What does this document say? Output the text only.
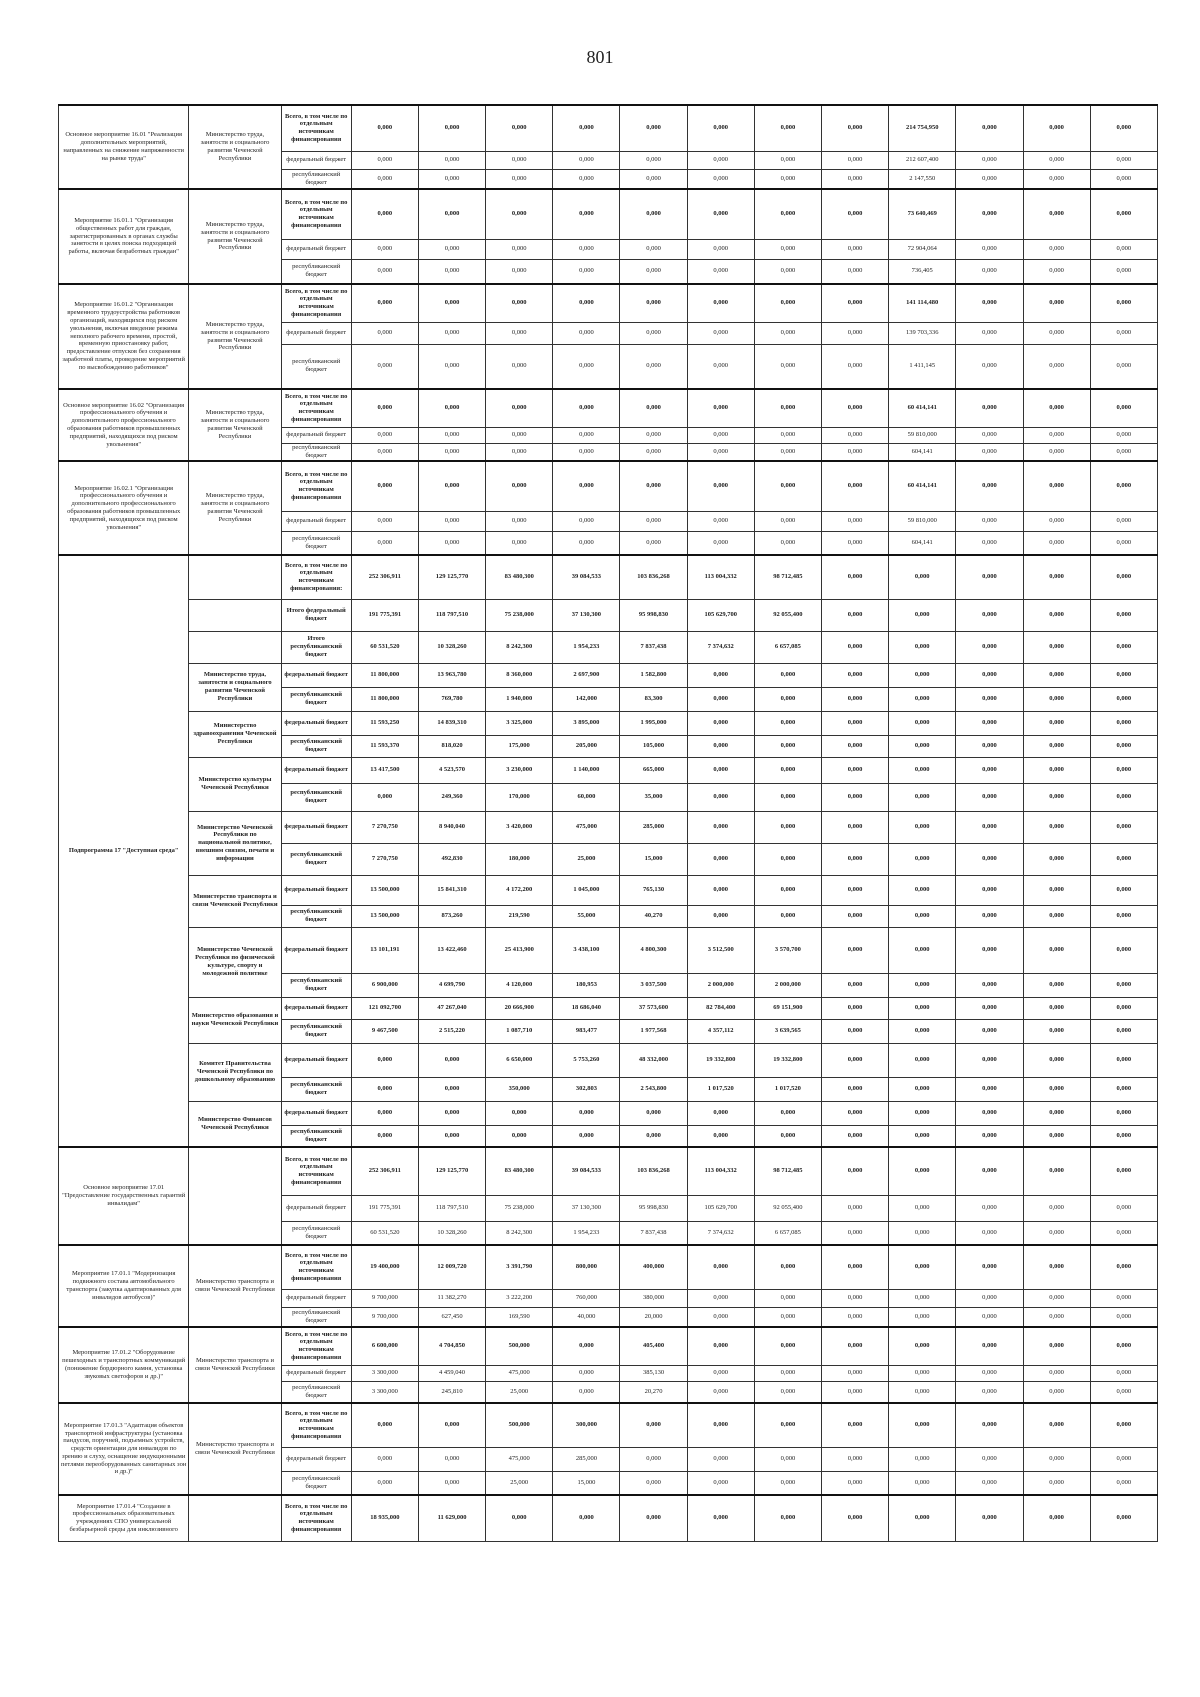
801
Основное мероприятие 16.01 "Реализация дополнительных мероприятий, направленных на снижение напряженности на рынке труда"	Министерство труда, занятости и социального развития Чеченской Республики	Всего, в том числе по отдельным источникам финансирования	0,000	0,000	0,000	0,000	0,000	0,000	0,000	0,000	214 754,950	0,000	0,000	0,000
		федеральный бюджет	0,000	0,000	0,000	0,000	0,000	0,000	0,000	0,000	212 607,400	0,000	0,000	0,000
		республиканский бюджет	0,000	0,000	0,000	0,000	0,000	0,000	0,000	0,000	2 147,550	0,000	0,000	0,000
Мероприятие 16.01.1 "Организация общественных работ для граждан, зарегистрированных в органах службы занятости в целях поиска подходящей работы, включая безработных граждан"	Министерство труда, занятости и социального развития Чеченской Республики	Всего, в том числе по отдельным источникам финансирования	0,000	0,000	0,000	0,000	0,000	0,000	0,000	0,000	73 640,469	0,000	0,000	0,000
		федеральный бюджет	0,000	0,000	0,000	0,000	0,000	0,000	0,000	0,000	72 904,064	0,000	0,000	0,000
		республиканский бюджет	0,000	0,000	0,000	0,000	0,000	0,000	0,000	0,000	736,405	0,000	0,000	0,000
Мероприятие 16.01.2 "Организация временного трудоустройства работников организаций, находящихся под риском увольнения, включая введение режима неполного рабочего времени, простой, временную приостановку работ, предоставление отпусков без сохранения заработной платы, проведение мероприятий по высвобождению работников"	Министерство труда, занятости и социального развития Чеченской Республики	Всего, в том числе по отдельным источникам финансирования	0,000	0,000	0,000	0,000	0,000	0,000	0,000	0,000	141 114,480	0,000	0,000	0,000
		федеральный бюджет	0,000	0,000	0,000	0,000	0,000	0,000	0,000	0,000	139 703,336	0,000	0,000	0,000
		республиканский бюджет	0,000	0,000	0,000	0,000	0,000	0,000	0,000	0,000	1 411,145	0,000	0,000	0,000
Основное мероприятие 16.02 "Организация профессионального обучения и дополнительного профессионального образования работников промышленных предприятий, находящихся под риском увольнения"	Министерство труда, занятости и социального развития Чеченской Республики	Всего, в том числе по отдельным источникам финансирования	0,000	0,000	0,000	0,000	0,000	0,000	0,000	0,000	60 414,141	0,000	0,000	0,000
		федеральный бюджет	0,000	0,000	0,000	0,000	0,000	0,000	0,000	0,000	59 810,000	0,000	0,000	0,000
		республиканский бюджет	0,000	0,000	0,000	0,000	0,000	0,000	0,000	0,000	604,141	0,000	0,000	0,000
Мероприятие 16.02.1 "Организация профессионального обучения и дополнительного профессионального образования работников промышленных предприятий, находящихся под риском увольнения"	Министерство труда, занятости и социального развития Чеченской Республики	Всего, в том числе по отдельным источникам финансирования	0,000	0,000	0,000	0,000	0,000	0,000	0,000	0,000	60 414,141	0,000	0,000	0,000
		федеральный бюджет	0,000	0,000	0,000	0,000	0,000	0,000	0,000	0,000	59 810,000	0,000	0,000	0,000
		республиканский бюджет	0,000	0,000	0,000	0,000	0,000	0,000	0,000	0,000	604,141	0,000	0,000	0,000
Подпрограмма 17 "Доступная среда"		Всего, в том числе по отдельным источникам финансирования:	252 306,911	129 125,770	83 480,300	39 084,533	103 836,268	113 004,332	98 712,485	0,000	0,000	0,000	0,000	0,000
		Итого федеральный бюджет	191 775,391	118 797,510	75 238,000	37 130,300	95 998,830	105 629,700	92 055,400	0,000	0,000	0,000	0,000	0,000
		Итого республиканский бюджет	60 531,520	10 328,260	8 242,300	1 954,233	7 837,438	7 374,632	6 657,085	0,000	0,000	0,000	0,000	0,000
	Министерство труда, занятости и социального развития Чеченской Республики	федеральный бюджет	11 800,000	13 963,780	8 360,000	2 697,900	1 582,800	0,000	0,000	0,000	0,000	0,000	0,000	0,000
		республиканский бюджет	11 800,000	769,780	1 940,000	142,000	83,300	0,000	0,000	0,000	0,000	0,000	0,000	0,000
	Министерство здравоохранения Чеченской Республики	федеральный бюджет	11 593,250	14 839,310	3 325,000	3 895,000	1 995,000	0,000	0,000	0,000	0,000	0,000	0,000	0,000
		республиканский бюджет	11 593,370	818,020	175,000	205,000	105,000	0,000	0,000	0,000	0,000	0,000	0,000	0,000
	Министерство культуры Чеченской Республики	федеральный бюджет	13 417,500	4 523,570	3 230,000	1 140,000	665,000	0,000	0,000	0,000	0,000	0,000	0,000	0,000
		республиканский бюджет	0,000	249,360	170,000	60,000	35,000	0,000	0,000	0,000	0,000	0,000	0,000	0,000
	Министерство Чеченской Республики по национальной политике, внешним связям, печати и информации	федеральный бюджет	7 270,750	8 940,040	3 420,000	475,000	285,000	0,000	0,000	0,000	0,000	0,000	0,000	0,000
		республиканский бюджет	7 270,750	492,830	180,000	25,000	15,000	0,000	0,000	0,000	0,000	0,000	0,000	0,000
	Министерство транспорта и связи Чеченской Республики	федеральный бюджет	13 500,000	15 841,310	4 172,200	1 045,000	765,130	0,000	0,000	0,000	0,000	0,000	0,000	0,000
		республиканский бюджет	13 500,000	873,260	219,590	55,000	40,270	0,000	0,000	0,000	0,000	0,000	0,000	0,000
	Министерство Чеченской Республики по физической культуре, спорту и молодежной политике	федеральный бюджет	13 101,191	13 422,460	25 413,900	3 438,100	4 800,300	3 512,500	3 570,700	0,000	0,000	0,000	0,000	0,000
		республиканский бюджет	6 900,000	4 699,790	4 120,000	180,953	3 037,500	2 000,000	2 000,000	0,000	0,000	0,000	0,000	0,000
	Министерство образования и науки Чеченской Республики	федеральный бюджет	121 092,700	47 267,040	20 666,900	18 686,040	37 573,600	82 784,400	69 151,900	0,000	0,000	0,000	0,000	0,000
		республиканский бюджет	9 467,500	2 515,220	1 087,710	983,477	1 977,568	4 357,112	3 639,565	0,000	0,000	0,000	0,000	0,000
	Комитет Правительства Чеченской Республики по дошкольному образованию	федеральный бюджет	0,000	0,000	6 650,000	5 753,260	48 332,000	19 332,800	19 332,800	0,000	0,000	0,000	0,000	0,000
		республиканский бюджет	0,000	0,000	350,000	302,803	2 543,800	1 017,520	1 017,520	0,000	0,000	0,000	0,000	0,000
	Министерство Финансов Чеченской Республики	федеральный бюджет	0,000	0,000	0,000	0,000	0,000	0,000	0,000	0,000	0,000	0,000	0,000	0,000
		республиканский бюджет	0,000	0,000	0,000	0,000	0,000	0,000	0,000	0,000	0,000	0,000	0,000	0,000
Основное мероприятие 17.01 "Предоставление государственных гарантий инвалидам"		Всего, в том числе по отдельным источникам финансирования	252 306,911	129 125,770	83 480,300	39 084,533	103 836,268	113 004,332	98 712,485	0,000	0,000	0,000	0,000	0,000
		федеральный бюджет	191 775,391	118 797,510	75 238,000	37 130,300	95 998,830	105 629,700	92 055,400	0,000	0,000	0,000	0,000	0,000
		республиканский бюджет	60 531,520	10 328,260	8 242,300	1 954,233	7 837,438	7 374,632	6 657,085	0,000	0,000	0,000	0,000	0,000
Мероприятие 17.01.1 "Модернизация подвижного состава автомобильного транспорта (закупка адаптированных для инвалидов автобусов)"	Министерство транспорта и связи Чеченской Республики	Всего, в том числе по отдельным источникам финансирования	19 400,000	12 009,720	3 391,790	800,000	400,000	0,000	0,000	0,000	0,000	0,000	0,000	0,000
		федеральный бюджет	9 700,000	11 382,270	3 222,200	760,000	380,000	0,000	0,000	0,000	0,000	0,000	0,000	0,000
		республиканский бюджет	9 700,000	627,450	169,590	40,000	20,000	0,000	0,000	0,000	0,000	0,000	0,000	0,000
Мероприятие 17.01.2 "Оборудование пешеходных и транспортных коммуникаций (понижение бордюрного камня, установка звуковых светофоров и др.)"	Министерство транспорта и связи Чеченской Республики	Всего, в том числе по отдельным источникам финансирования	6 600,000	4 704,850	500,000	0,000	405,400	0,000	0,000	0,000	0,000	0,000	0,000	0,000
		федеральный бюджет	3 300,000	4 459,040	475,000	0,000	385,130	0,000	0,000	0,000	0,000	0,000	0,000	0,000
		республиканский бюджет	3 300,000	245,810	25,000	0,000	20,270	0,000	0,000	0,000	0,000	0,000	0,000	0,000
Мероприятие 17.01.3 "Адаптация объектов транспортной инфраструктуры (установка пандусов, поручней, подъемных устройств, средств ориентации для инвалидов по зрению и слуху, оснащение индукционными петлями переоборудованных санитарных зон и др.)"	Министерство транспорта и связи Чеченской Республики	Всего, в том числе по отдельным источникам финансирования	0,000	0,000	500,000	300,000	0,000	0,000	0,000	0,000	0,000	0,000	0,000	0,000
		федеральный бюджет	0,000	0,000	475,000	285,000	0,000	0,000	0,000	0,000	0,000	0,000	0,000	0,000
		республиканский бюджет	0,000	0,000	25,000	15,000	0,000	0,000	0,000	0,000	0,000	0,000	0,000	0,000
Мероприятие 17.01.4 "Создание в профессиональных образовательных учреждениях СПО универсальной безбарьерной среды для инклюзивного		Всего, в том числе по отдельным источникам финансирования	18 935,000	11 629,000	0,000	0,000	0,000	0,000	0,000	0,000	0,000	0,000	0,000	0,000
